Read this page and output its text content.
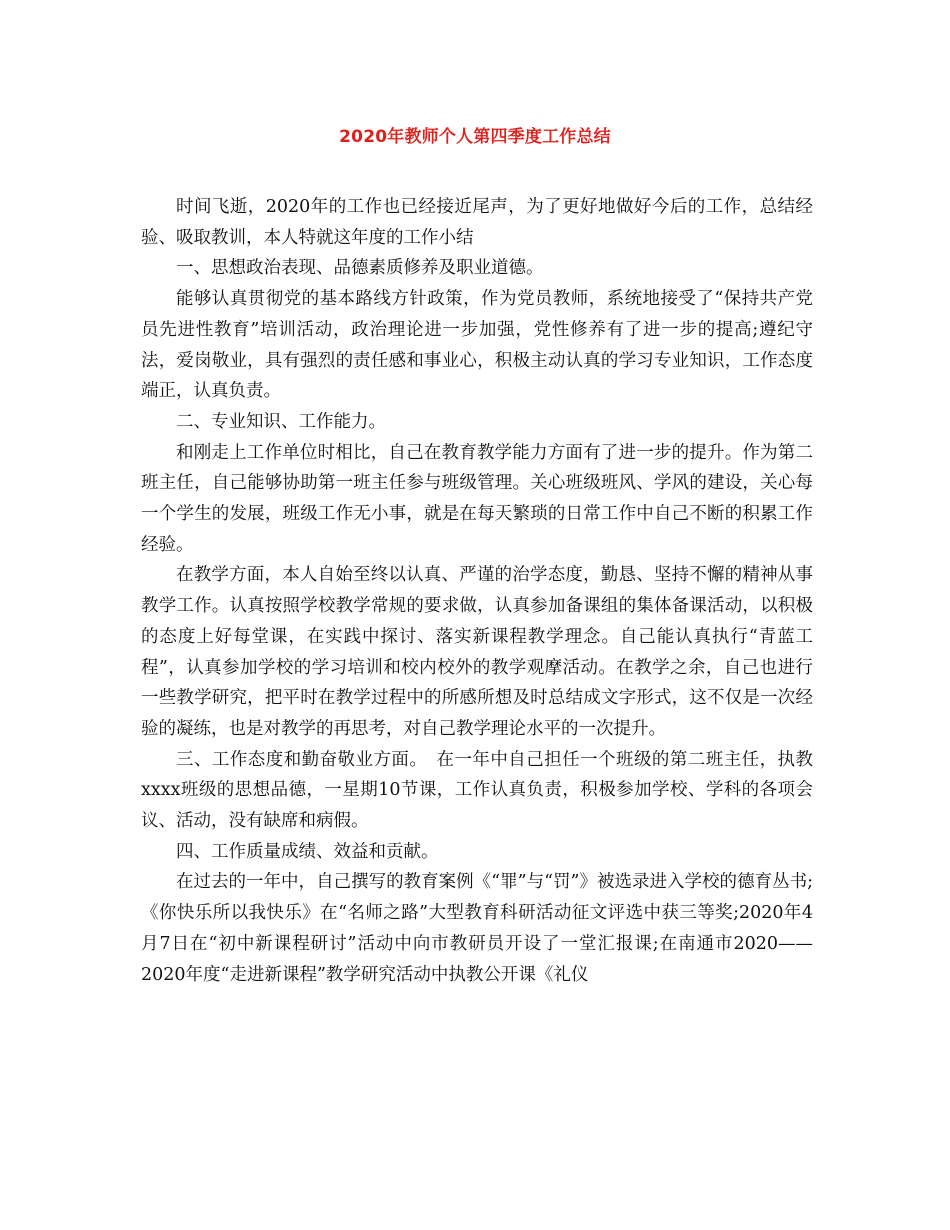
2020年教师个人第四季度工作总结

时间飞逝，2020年的工作也已经接近尾声，为了更好地做好今后的工作，总结经验、吸取教训，本人特就这年度的工作小结

一、思想政治表现、品德素质修养及职业道德。

能够认真贯彻党的基本路线方针政策，作为党员教师，系统地接受了“保持共产党员先进性教育”培训活动，政治理论进一步加强，党性修养有了进一步的提高;遵纪守法，爱岗敬业，具有强烈的责任感和事业心，积极主动认真的学习专业知识，工作态度端正，认真负责。

二、专业知识、工作能力。

和刚走上工作单位时相比，自己在教育教学能力方面有了进一步的提升。作为第二班主任，自己能够协助第一班主任参与班级管理。关心班级班风、学风的建设，关心每一个学生的发展，班级工作无小事，就是在每天繁琐的日常工作中自己不断的积累工作经验。

在教学方面，本人自始至终以认真、严谨的治学态度，勤恳、坚持不懈的精神从事教学工作。认真按照学校教学常规的要求做，认真参加备课组的集体备课活动，以积极的态度上好每堂课，在实践中探讨、落实新课程教学理念。自己能认真执行“青蓝工程”，认真参加学校的学习培训和校内校外的教学观摩活动。在教学之余，自己也进行一些教学研究，把平时在教学过程中的所感所想及时总结成文字形式，这不仅是一次经验的凝练，也是对教学的再思考，对自己教学理论水平的一次提升。

三、工作态度和勤奋敬业方面。　在一年中自己担任一个班级的第二班主任，执教xxxx班级的思想品德，一星期10节课，工作认真负责，积极参加学校、学科的各项会议、活动，没有缺席和病假。

四、工作质量成绩、效益和贡献。

在过去的一年中，自己撰写的教育案例《“罪”与“罚”》被选录进入学校的德育丛书;《你快乐所以我快乐》在“名师之路”大型教育科研活动征文评选中获三等奖;2020年4月7日在“初中新课程研讨”活动中向市教研员开设了一堂汇报课;在南通市2020——2020年度“走进新课程”教学研究活动中执教公开课《礼仪
